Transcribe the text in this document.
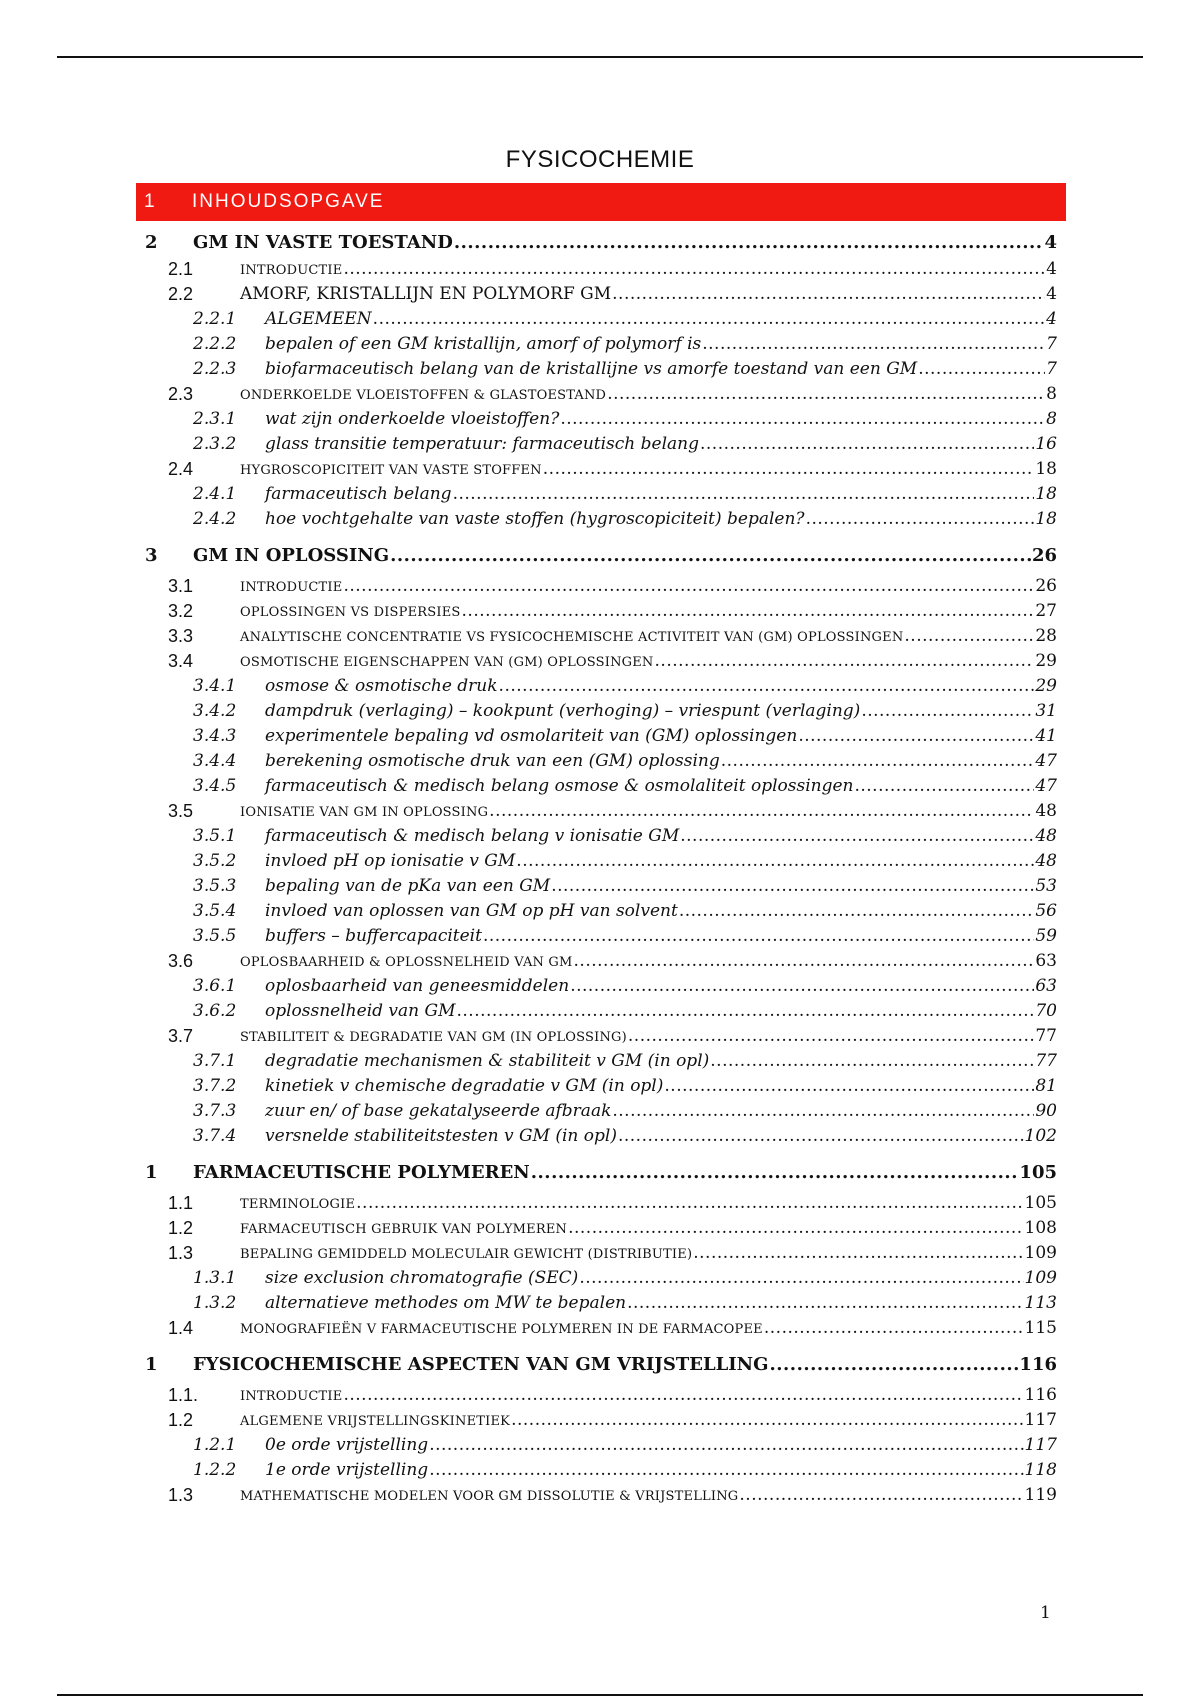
FYSICOCHEMIE
1	INHOUDSOPGAVE
2 GM IN VASTE TOESTAND .....	4
2.1	INTRODUCTIE .....	4
2.2	AMORF, KRISTALLIJN EN POLYMORF GM .....	4
2.2.1 ALGEMEEN .....	4
2.2.2 bepalen of een GM kristallijn, amorf of polymorf is .....	7
2.2.3 biofarmaceutisch belang van de kristallijne vs amorfe toestand van een GM .....	7
2.3	ONDERKOELDE VLOEISTOFFEN & GLASTOESTAND .....	8
2.3.1 wat zijn onderkoelde vloeistoffen? .....	8
2.3.2 glass transitie temperatuur: farmaceutisch belang .....	16
2.4	HYGROSCOPICITEIT VAN VASTE STOFFEN .....	18
2.4.1 farmaceutisch belang .....	18
2.4.2 hoe vochtgehalte van vaste stoffen (hygroscopiciteit) bepalen? .....	18
3 GM IN OPLOSSING .....	26
3.1	INTRODUCTIE .....	26
3.2	OPLOSSINGEN VS DISPERSIES .....	27
3.3	ANALYTISCHE CONCENTRATIE VS FYSICOCHEMISCHE ACTIVITEIT VAN (GM) OPLOSSINGEN .....	28
3.4	OSMOTISCHE EIGENSCHAPPEN VAN (GM) OPLOSSINGEN .....	29
3.4.1 osmose & osmotische druk .....	29
3.4.2 dampdruk (verlaging) – kookpunt (verhoging) – vriespunt (verlaging) .....	31
3.4.3 experimentele bepaling vd osmolariteit van (GM) oplossingen .....	41
3.4.4 berekening osmotische druk van een (GM) oplossing .....	47
3.4.5 farmaceutisch & medisch belang osmose & osmolaliteit oplossingen .....	47
3.5	IONISATIE VAN GM IN OPLOSSING .....	48
3.5.1 farmaceutisch & medisch belang v ionisatie GM .....	48
3.5.2 invloed pH op ionisatie v GM .....	48
3.5.3 bepaling van de pKa van een GM .....	53
3.5.4 invloed van oplossen van GM op pH van solvent .....	56
3.5.5 buffers – buffercapaciteit .....	59
3.6	OPLOSBAARHEID & OPLOSSNELHEID VAN GM .....	63
3.6.1 oplosbaarheid van geneesmiddelen .....	63
3.6.2 oplossnelheid van GM .....	70
3.7	STABILITEIT & DEGRADATIE VAN GM (IN OPLOSSING) .....	77
3.7.1 degradatie mechanismen & stabiliteit v GM (in opl) .....	77
3.7.2 kinetiek v chemische degradatie v GM (in opl) .....	81
3.7.3 zuur en/ of base gekatalyseerde afbraak .....	90
3.7.4 versnelde stabiliteitstesten v GM (in opl) .....	102
1 FARMACEUTISCHE POLYMEREN .....	105
1.1	TERMINOLOGIE .....	105
1.2	FARMACEUTISCH GEBRUIK VAN POLYMEREN .....	108
1.3	BEPALING GEMIDDELD MOLECULAIR GEWICHT (DISTRIBUTIE) .....	109
1.3.1 size exclusion chromatografie (SEC) .....	109
1.3.2 alternatieve methodes om MW te bepalen .....	113
1.4	MONOGRAFIEËN V FARMACEUTISCHE POLYMEREN IN DE FARMACOPEE .....	115
1 FYSICOCHEMISCHE ASPECTEN VAN GM VRIJSTELLING .....	116
1.1.	INTRODUCTIE .....	116
1.2	ALGEMENE VRIJSTELLINGSKINETIEK .....	117
1.2.1 0e orde vrijstelling .....	117
1.2.2 1e orde vrijstelling .....	118
1.3	MATHEMATISCHE MODELEN VOOR GM DISSOLUTIE & VRIJSTELLING .....	119
1
